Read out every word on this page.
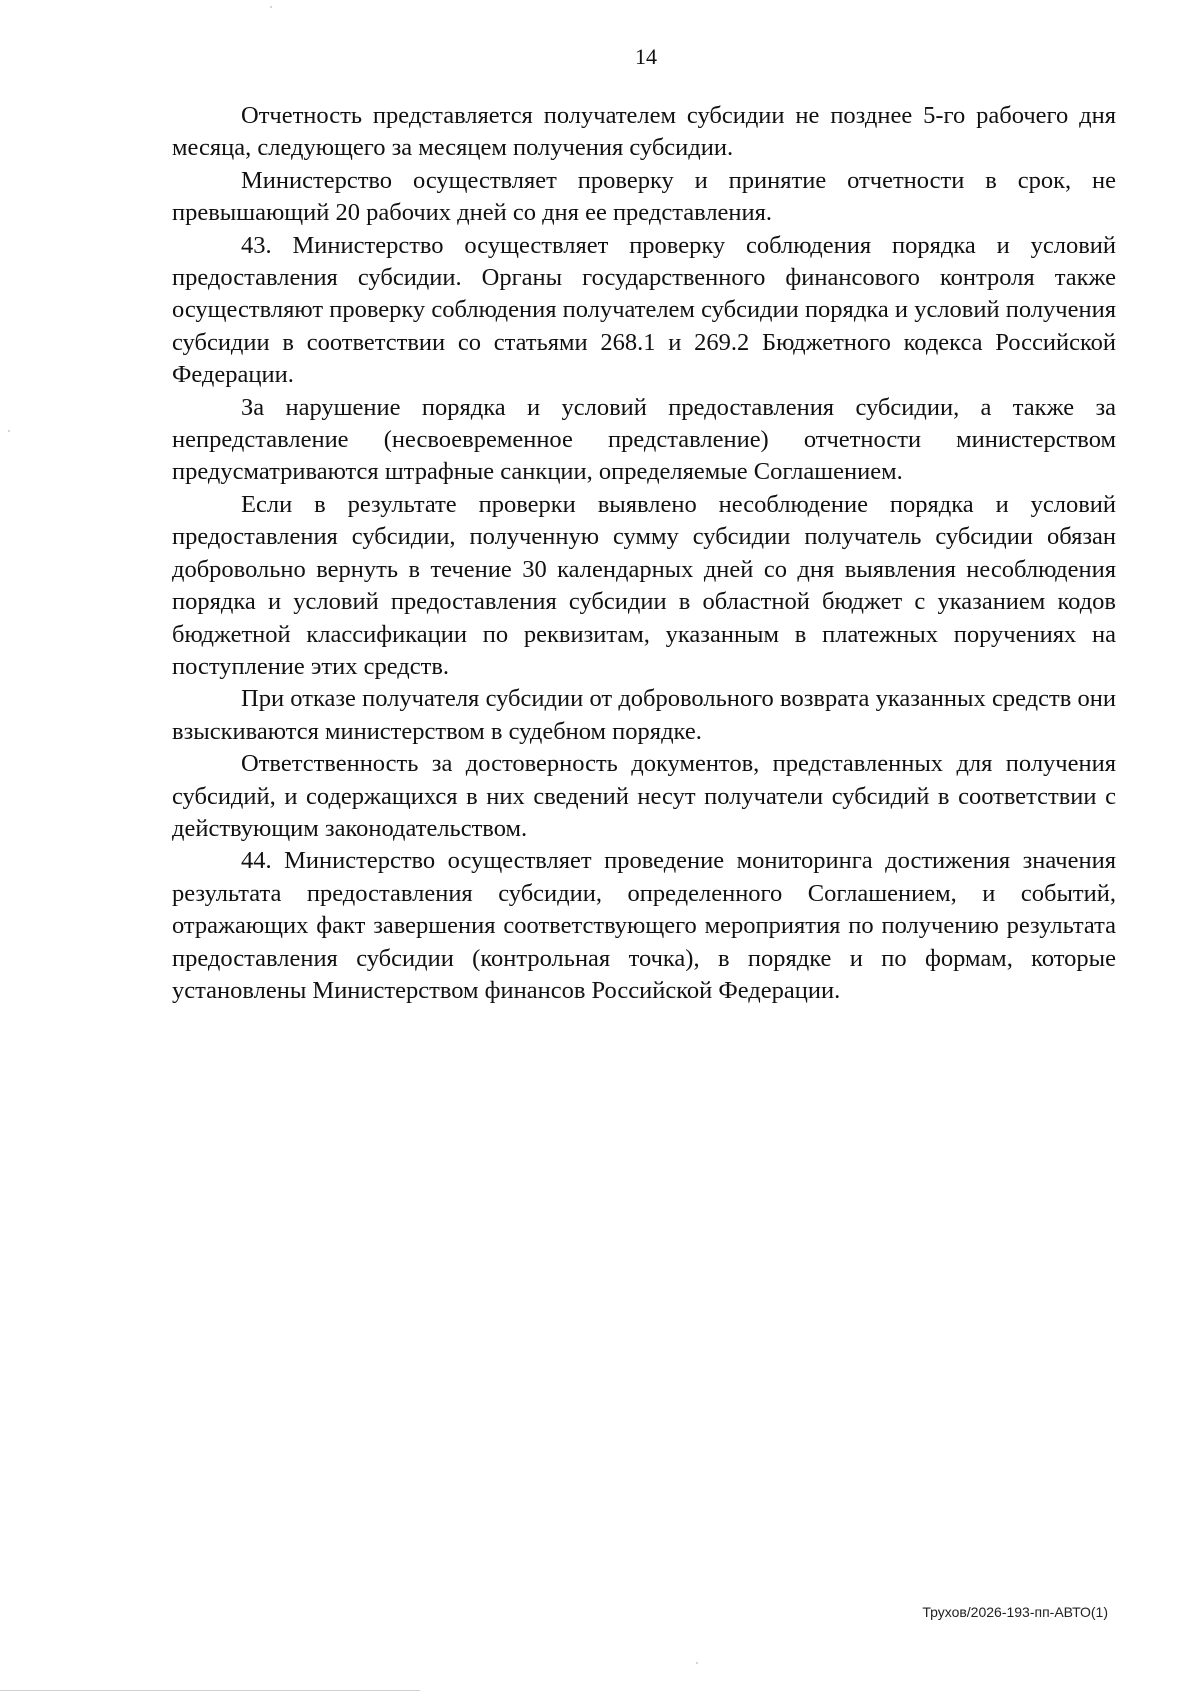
14

Отчетность представляется получателем субсидии не позднее 5-го рабочего дня месяца, следующего за месяцем получения субсидии.

Министерство осуществляет проверку и принятие отчетности в срок, не превышающий 20 рабочих дней со дня ее представления.

43. Министерство осуществляет проверку соблюдения порядка и условий предоставления субсидии. Органы государственного финансового контроля также осуществляют проверку соблюдения получателем субсидии порядка и условий получения субсидии в соответствии со статьями 268.1 и 269.2 Бюджетного кодекса Российской Федерации.

За нарушение порядка и условий предоставления субсидии, а также за непредставление (несвоевременное представление) отчетности министерством предусматриваются штрафные санкции, определяемые Соглашением.

Если в результате проверки выявлено несоблюдение порядка и условий предоставления субсидии, полученную сумму субсидии получатель субсидии обязан добровольно вернуть в течение 30 календарных дней со дня выявления несоблюдения порядка и условий предоставления субсидии в областной бюджет с указанием кодов бюджетной классификации по реквизитам, указанным в платежных поручениях на поступление этих средств.

При отказе получателя субсидии от добровольного возврата указанных средств они взыскиваются министерством в судебном порядке.

Ответственность за достоверность документов, представленных для получения субсидий, и содержащихся в них сведений несут получатели субсидий в соответствии с действующим законодательством.

44. Министерство осуществляет проведение мониторинга достижения значения результата предоставления субсидии, определенного Соглашением, и событий, отражающих факт завершения соответствующего мероприятия по получению результата предоставления субсидии (контрольная точка), в порядке и по формам, которые установлены Министерством финансов Российской Федерации.

Трухов/2026-193-пп-АВТО(1)
